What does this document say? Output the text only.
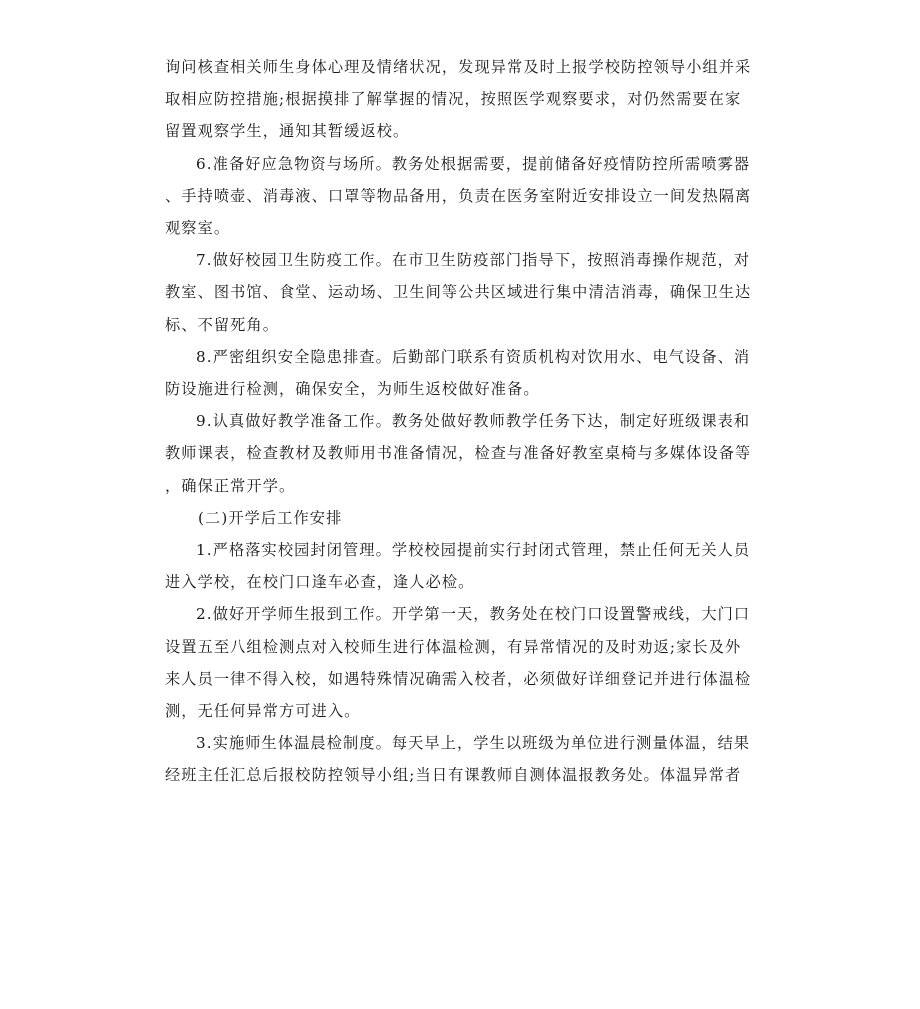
询问核查相关师生身体心理及情绪状况，发现异常及时上报学校防控领导小组并采
取相应防控措施;根据摸排了解掌握的情况，按照医学观察要求，对仍然需要在家
留置观察学生，通知其暂缓返校。

6.准备好应急物资与场所。教务处根据需要，提前储备好疫情防控所需喷雾器
、手持喷壶、消毒液、口罩等物品备用，负责在医务室附近安排设立一间发热隔离
观察室。

7.做好校园卫生防疫工作。在市卫生防疫部门指导下，按照消毒操作规范，对
教室、图书馆、食堂、运动场、卫生间等公共区域进行集中清洁消毒，确保卫生达
标、不留死角。

8.严密组织安全隐患排查。后勤部门联系有资质机构对饮用水、电气设备、消
防设施进行检测，确保安全，为师生返校做好准备。

9.认真做好教学准备工作。教务处做好教师教学任务下达，制定好班级课表和
教师课表，检查教材及教师用书准备情况，检查与准备好教室桌椅与多媒体设备等
，确保正常开学。

(二)开学后工作安排

1.严格落实校园封闭管理。学校校园提前实行封闭式管理，禁止任何无关人员
进入学校，在校门口逢车必查，逢人必检。

2.做好开学师生报到工作。开学第一天，教务处在校门口设置警戒线，大门口
设置五至八组检测点对入校师生进行体温检测，有异常情况的及时劝返;家长及外
来人员一律不得入校，如遇特殊情况确需入校者，必须做好详细登记并进行体温检
测，无任何异常方可进入。

3.实施师生体温晨检制度。每天早上，学生以班级为单位进行测量体温，结果
经班主任汇总后报校防控领导小组;当日有课教师自测体温报教务处。体温异常者
